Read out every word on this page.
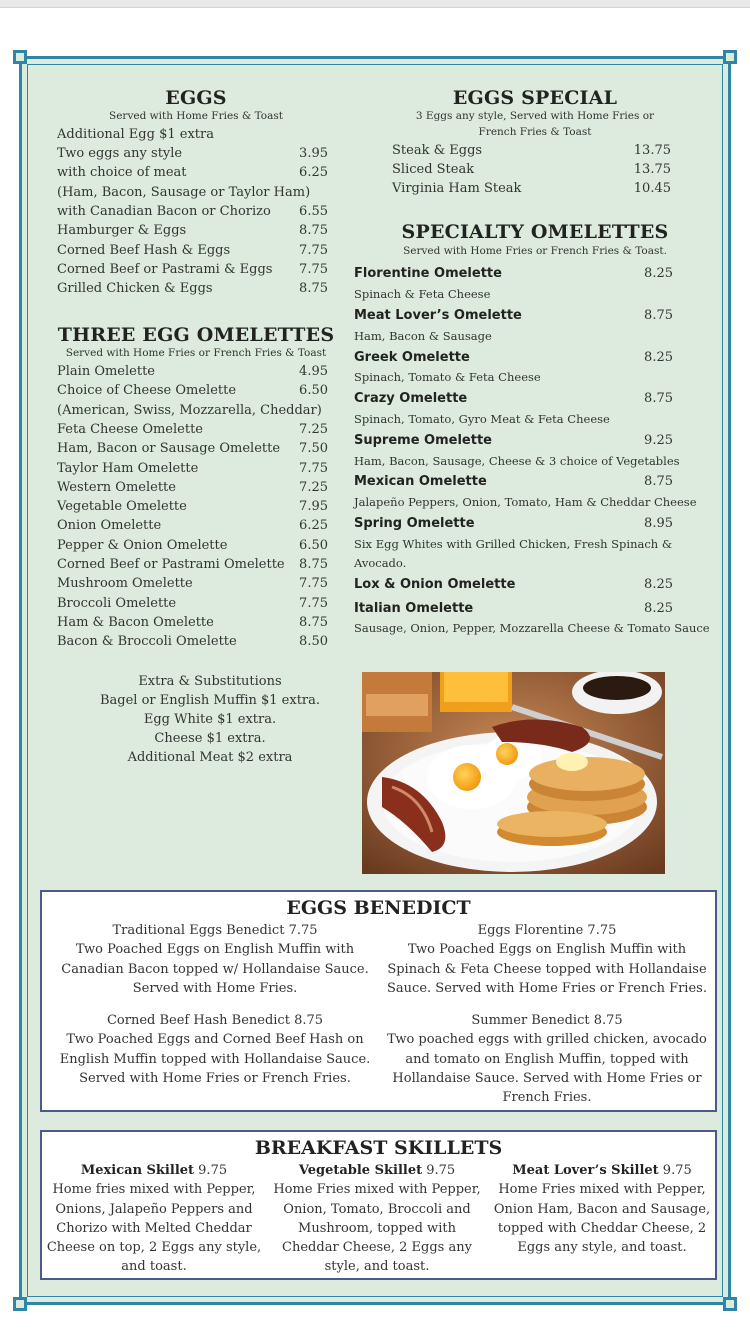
EGGS
Served with Home Fries & Toast
Additional Egg $1 extra
Two eggs any style	3.95
with choice of meat	6.25
(Ham, Bacon, Sausage or Taylor Ham)
with Canadian Bacon or Chorizo 6.55
Hamburger & Eggs	8.75
Corned Beef Hash & Eggs	7.75
Corned Beef or Pastrami & Eggs 7.75
Grilled Chicken & Eggs	8.75
THREE EGG OMELETTES
Served with Home Fries or French Fries & Toast
Plain Omelette	4.95
Choice of Cheese Omelette	6.50
(American, Swiss, Mozzarella, Cheddar)
Feta Cheese Omelette	7.25
Ham, Bacon or Sausage Omelette 7.50
Taylor Ham Omelette	7.75
Western Omelette	7.25
Vegetable Omelette	7.95
Onion Omelette	6.25
Pepper & Onion Omelette	6.50
Corned Beef or Pastrami Omelette 8.75
Mushroom Omelette	7.75
Broccoli Omelette	7.75
Ham & Bacon Omelette	8.75
Bacon & Broccoli Omelette	8.50
Extra & Substitutions
Bagel or English Muffin $1 extra.
Egg White $1 extra.
Cheese $1 extra.
Additional Meat $2 extra
EGGS SPECIAL
3 Eggs any style, Served with Home Fries or
French Fries & Toast
Steak & Eggs	13.75
Sliced Steak	13.75
Virginia Ham Steak	10.45
SPECIALTY OMELETTES
Served with Home Fries or French Fries & Toast.
Florentine Omelette	8.25
Spinach & Feta Cheese
Meat Lover’s Omelette	8.75
Ham, Bacon & Sausage
Greek Omelette	8.25
Spinach, Tomato & Feta Cheese
Crazy Omelette	8.75
Spinach, Tomato, Gyro Meat & Feta Cheese
Supreme Omelette	9.25
Ham, Bacon, Sausage, Cheese & 3 choice of Vegetables
Mexican Omelette	8.75
Jalapeño Peppers, Onion, Tomato, Ham & Cheddar Cheese
Spring Omelette	8.95
Six Egg Whites with Grilled Chicken, Fresh Spinach & Avocado.
Lox & Onion Omelette	8.25
Italian Omelette	8.25
Sausage, Onion, Pepper, Mozzarella Cheese & Tomato Sauce
EGGS BENEDICT
Traditional Eggs Benedict 7.75
Two Poached Eggs on English Muffin with Canadian Bacon topped w/ Hollandaise Sauce. Served with Home Fries.
Eggs Florentine 7.75
Two Poached Eggs on English Muffin with Spinach & Feta Cheese topped with Hollandaise Sauce. Served with Home Fries or French Fries.
Corned Beef Hash Benedict 8.75
Two Poached Eggs and Corned Beef Hash on English Muffin topped with Hollandaise Sauce. Served with Home Fries or French Fries.
Summer Benedict 8.75
Two poached eggs with grilled chicken, avocado and tomato on English Muffin, topped with Hollandaise Sauce. Served with Home Fries or French Fries.
BREAKFAST SKILLETS
Mexican Skillet 9.75
Home fries mixed with Pepper, Onions, Jalapeño Peppers and Chorizo with Melted Cheddar Cheese on top, 2 Eggs any style, and toast.
Vegetable Skillet 9.75
Home Fries mixed with Pepper, Onion, Tomato, Broccoli and Mushroom, topped with Cheddar Cheese, 2 Eggs any style, and toast.
Meat Lover’s Skillet 9.75
Home Fries mixed with Pepper, Onion Ham, Bacon and Sausage, topped with Cheddar Cheese, 2 Eggs any style, and toast.
